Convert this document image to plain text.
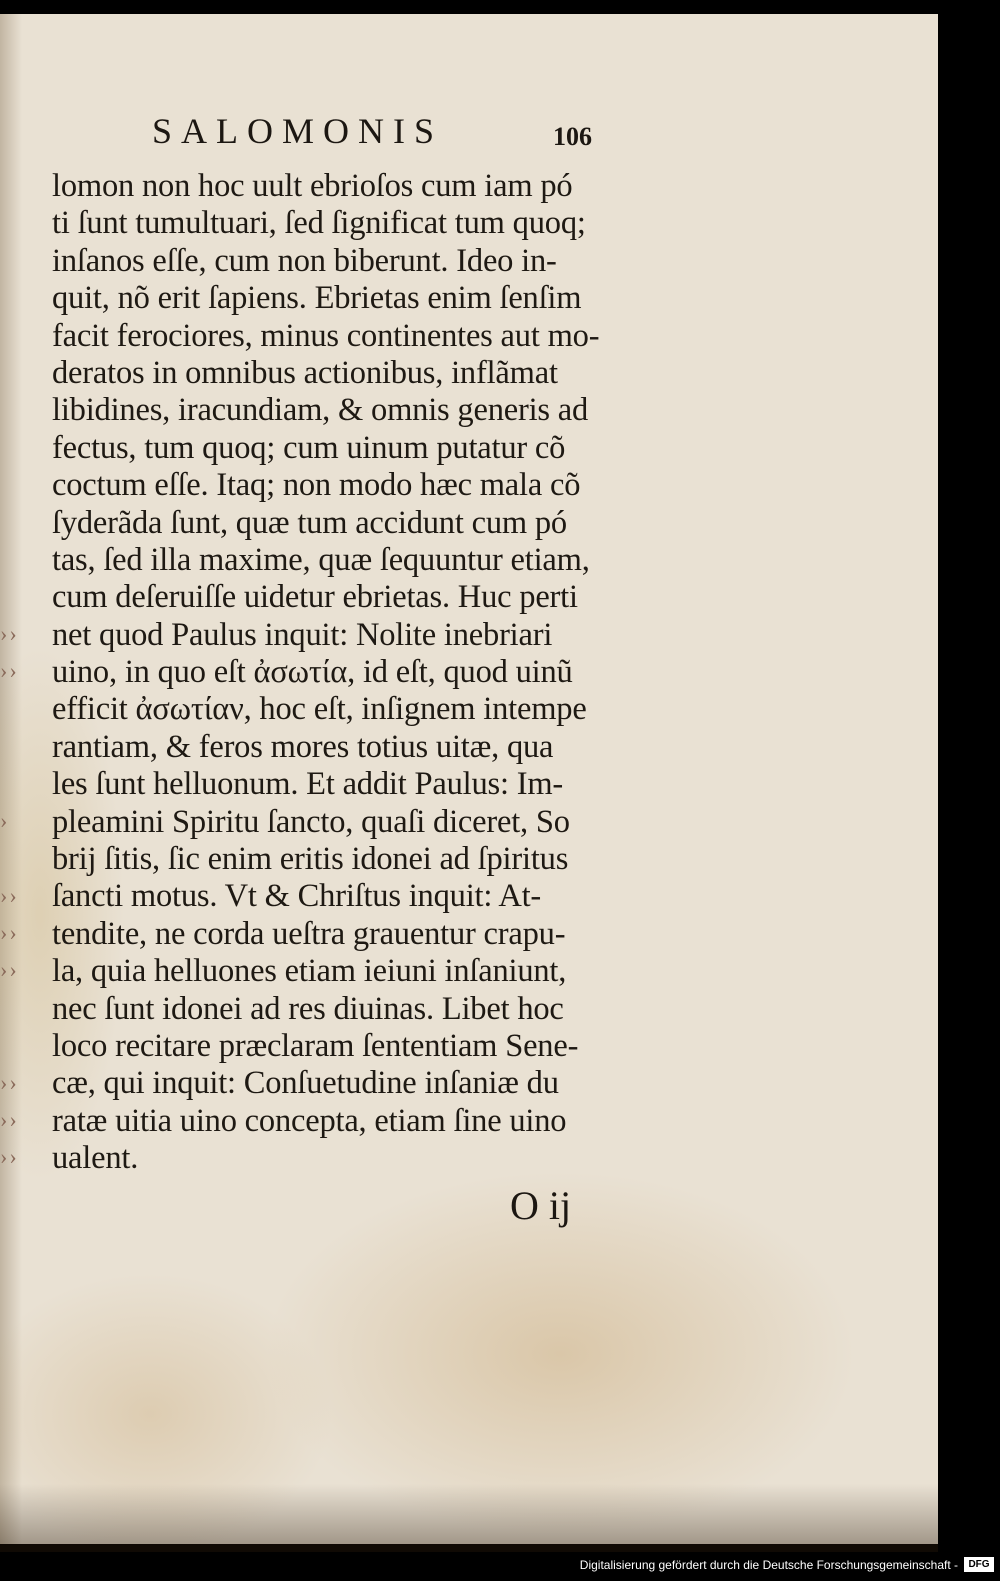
SALOMONIS	106
››
››
›
››
››
››
››
››
››
lomon non hoc uult ebrioſos cum iam pó
ti ſunt tumultuari, ſed ſignificat tum quoq;
inſanos eſſe, cum non biberunt. Ideo in-
quit, nõ erit ſapiens. Ebrietas enim ſenſim
facit ferociores, minus continentes aut mo-
deratos in omnibus actionibus, inflãmat
libidines, iracundiam, & omnis generis ad
fectus, tum quoq; cum uinum putatur cõ
coctum eſſe. Itaq; non modo hæc mala cõ
ſyderãda ſunt, quæ tum accidunt cum pó
tas, ſed illa maxime, quæ ſequuntur etiam,
cum deſeruiſſe uidetur ebrietas. Huc perti
net quod Paulus inquit: Nolite inebriari
uino, in quo eſt ἀσωτία, id eſt, quod uinũ
efficit ἀσωτίαν, hoc eſt, inſignem intempe
rantiam, & feros mores totius uitæ, qua
les ſunt helluonum. Et addit Paulus: Im-
pleamini Spiritu ſancto, quaſi diceret, So
brij ſitis, ſic enim eritis idonei ad ſpiritus
ſancti motus. Vt & Chriſtus inquit: At-
tendite, ne corda ueſtra grauentur crapu-
la, quia helluones etiam ieiuni inſaniunt,
nec ſunt idonei ad res diuinas. Libet hoc
loco recitare præclaram ſententiam Sene-
cæ, qui inquit: Conſuetudine inſaniæ du
ratæ uitia uino concepta, etiam ſine uino
ualent.
O ij
Digitalisierung gefördert durch die Deutsche Forschungsgemeinschaft -	DFG
